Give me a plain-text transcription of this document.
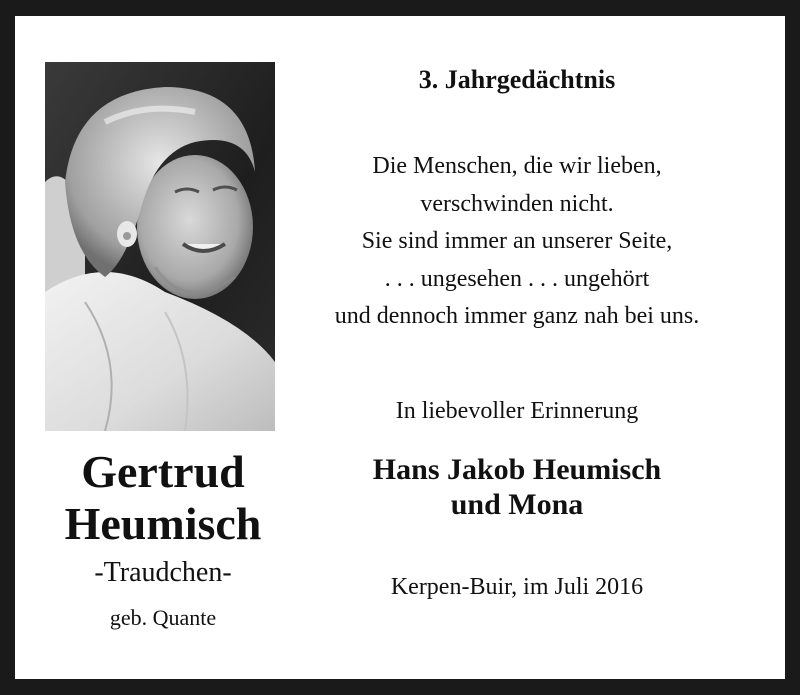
Gertrud
Heumisch
-Traudchen-
geb. Quante
3. Jahrgedächtnis
Die Menschen, die wir lieben,
verschwinden nicht.
Sie sind immer an unserer Seite,
. . . ungesehen . . . ungehört
und dennoch immer ganz nah bei uns.
In liebevoller Erinnerung
Hans Jakob Heumisch
und Mona
Kerpen-Buir, im Juli 2016
